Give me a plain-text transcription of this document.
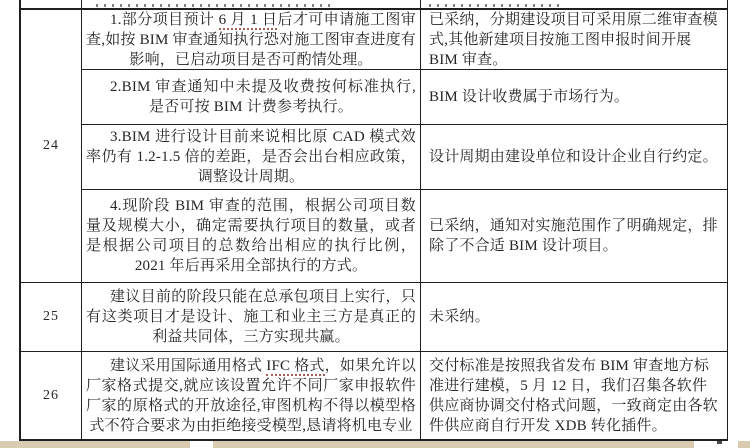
24

1.部分项目预计 6 月 1 日后才可申请施工图审查,如按 BIM 审查通知执行恐对施工图审查进度有影响，已启动项目是否可酌情处理。

已采纳，分期建设项目可采用原二维审查模式,其他新建项目按施工图申报时间开展 BIM 审查。

2.BIM 审查通知中未提及收费按何标准执行,是否可按 BIM 计费参考执行。

BIM 设计收费属于市场行为。

3.BIM 进行设计目前来说相比原 CAD 模式效率仍有 1.2-1.5 倍的差距，是否会出台相应政策，调整设计周期。

设计周期由建设单位和设计企业自行约定。

4.现阶段 BIM 审查的范围，根据公司项目数量及规模大小，确定需要执行项目的数量，或者是根据公司项目的总数给出相应的执行比例，2021 年后再采用全部执行的方式。

已采纳，通知对实施范围作了明确规定，排除了不合适 BIM 设计项目。

25

建议目前的阶段只能在总承包项目上实行，只有这类项目才是设计、施工和业主三方是真正的利益共同体，三方实现共赢。

未采纳。

26

建议采用国际通用格式 IFC 格式，如果允许以厂家格式提交,就应该设置允许不同厂家申报软件厂家的原格式的开放途径,审图机构不得以模型格式不符合要求为由拒绝接受模型,恳请将机电专业

交付标准是按照我省发布 BIM 审查地方标准进行建模，5 月 12 日，我们召集各软件供应商协调交付格式问题，一致商定由各软件供应商自行开发 XDB 转化插件。
